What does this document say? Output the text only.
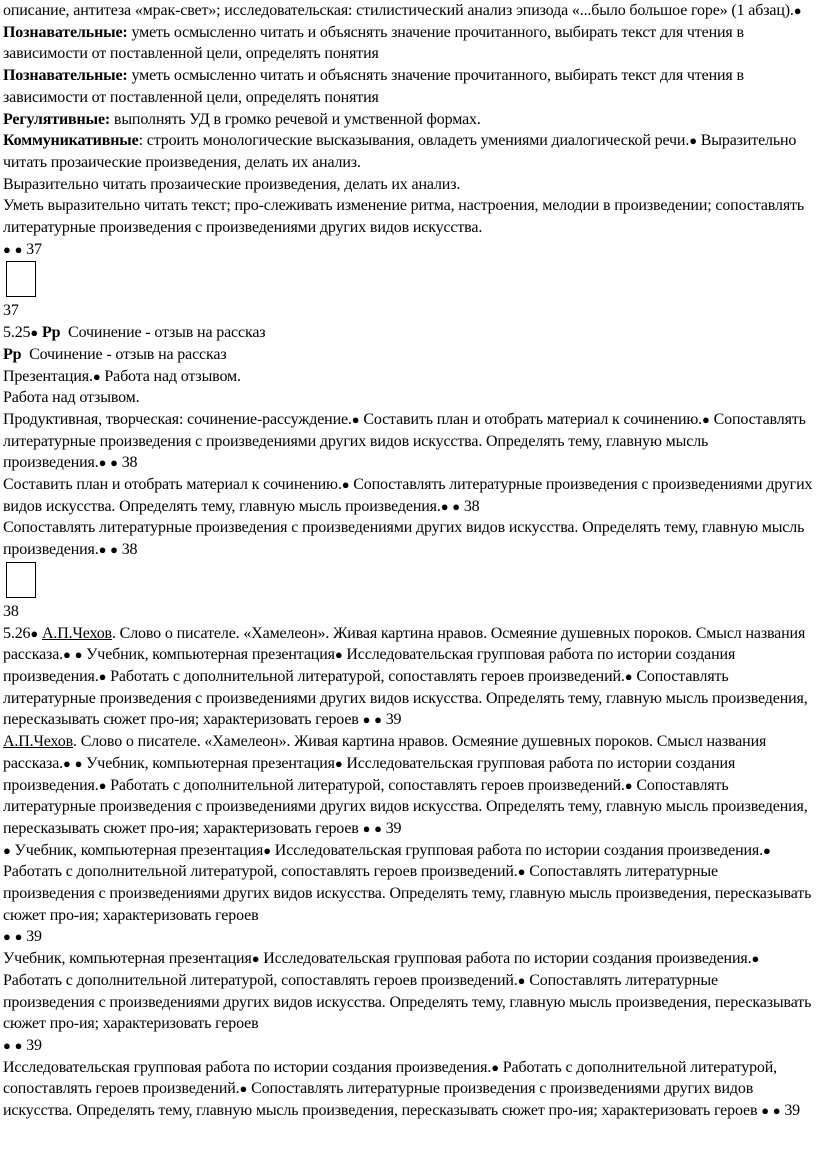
описание, антитеза «мрак-свет»; исследовательская: стилистический анализ эпизода «...было большое горе» (1 абзац).● Познавательные: уметь осмысленно читать и объяснять значение прочитанного, выбирать текст для чтения в зависимости от поставленной цели, определять понятия

Познавательные: уметь осмысленно читать и объяснять значение прочитанного, выбирать текст для чтения в зависимости от поставленной цели, определять понятия

Регулятивные: выполнять УД в громко речевой и умственной формах.

Коммуникативные: строить монологические высказывания, овладеть умениями диалогической речи.● Выразительно читать прозаические произведения, делать их анализ.

Выразительно читать прозаические произведения, делать их анализ.

Уметь выразительно читать текст; про-слеживать изменение ритма, настроения, мелодии в произведении; сопоставлять литературные произведения с произведениями других видов искусства.
● ● 37

37

5.25● Рр Сочинение - отзыв на рассказ

Рр Сочинение - отзыв на рассказ

Презентация.● Работа над отзывом.

Работа над отзывом.

Продуктивная, творческая: сочинение-рассуждение.● Составить план и отобрать материал к сочинению.● Сопоставлять литературные произведения с произведениями других видов искусства. Определять тему, главную мысль произведения.● ● 38

Составить план и отобрать материал к сочинению.● Сопоставлять литературные произведения с произведениями других видов искусства. Определять тему, главную мысль произведения.● ● 38

Сопоставлять литературные произведения с произведениями других видов искусства. Определять тему, главную мысль произведения.● ● 38

38

5.26● А.П.Чехов. Слово о писателе. «Хамелеон». Живая картина нравов. Осмеяние душевных пороков. Смысл названия рассказа.● ● Учебник, компьютерная презентация● Исследовательская групповая работа по истории создания произведения.● Работать с дополнительной литературой, сопоставлять героев произведений.● Сопоставлять литературные произведения с произведениями других видов искусства. Определять тему, главную мысль произведения, пересказывать сюжет про-ия; характеризовать героев ● ● 39

А.П.Чехов. Слово о писателе. «Хамелеон». Живая картина нравов. Осмеяние душевных пороков. Смысл названия рассказа.● ● Учебник, компьютерная презентация● Исследовательская групповая работа по истории создания произведения.● Работать с дополнительной литературой, сопоставлять героев произведений.● Сопоставлять литературные произведения с произведениями других видов искусства. Определять тему, главную мысль произведения, пересказывать сюжет про-ия; характеризовать героев ● ● 39

● Учебник, компьютерная презентация● Исследовательская групповая работа по истории создания произведения.● Работать с дополнительной литературой, сопоставлять героев произведений.● Сопоставлять литературные произведения с произведениями других видов искусства. Определять тему, главную мысль произведения, пересказывать сюжет про-ия; характеризовать героев
● ● 39

Учебник, компьютерная презентация● Исследовательская групповая работа по истории создания произведения.● Работать с дополнительной литературой, сопоставлять героев произведений.● Сопоставлять литературные произведения с произведениями других видов искусства. Определять тему, главную мысль произведения, пересказывать сюжет про-ия; характеризовать героев
● ● 39

Исследовательская групповая работа по истории создания произведения.● Работать с дополнительной литературой, сопоставлять героев произведений.● Сопоставлять литературные произведения с произведениями других видов искусства. Определять тему, главную мысль произведения, пересказывать сюжет про-ия; характеризовать героев ● ● 39
